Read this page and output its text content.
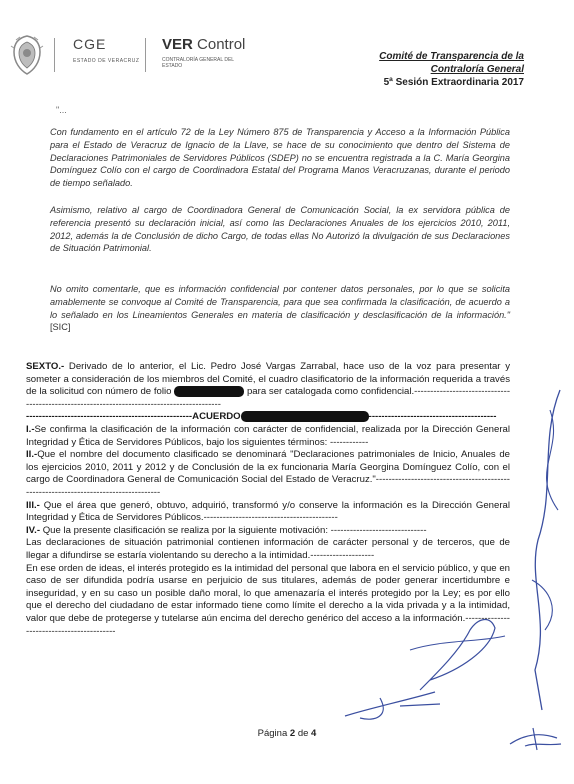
CGE
ESTADO DE VERACRUZ
VER Control
CONTRALORÍA GENERAL DEL ESTADO
Comité de Transparencia de la
Contraloría General
5ª Sesión Extraordinaria 2017
"...
Con fundamento en el artículo 72 de la Ley Número 875 de Transparencia y Acceso a la Información Pública para el Estado de Veracruz de Ignacio de la Llave, se hace de su conocimiento que dentro del Sistema de Declaraciones Patrimoniales de Servidores Públicos (SDEP) no se encuentra registrada a la C. María Georgina Domínguez Colío con el cargo de Coordinadora Estatal del Programa Manos Veracruzanas, durante el periodo de tiempo señalado.
Asimismo, relativo al cargo de Coordinadora General de Comunicación Social, la ex servidora pública de referencia presentó su declaración inicial, así como las Declaraciones Anuales de los ejercicios 2010, 2011, 2012, además la de Conclusión de dicho Cargo, de todas ellas No Autorizó la divulgación de sus Declaraciones de Situación Patrimonial.
No omito comentarle, que es información confidencial por contener datos personales, por lo que se solicita amablemente se convoque al Comité de Transparencia, para que sea confirmada la clasificación, de acuerdo a lo señalado en los Lineamientos Generales en materia de clasificación y desclasificación de la información." [SIC]

SEXTO.- Derivado de lo anterior, el Lic. Pedro José Vargas Zarrabal, hace uso de la voz para presentar y someter a consideración de los miembros del Comité, el cuadro clasificatorio de la información requerida a través de la solicitud con número de folio	para ser catalogada como confidencial.-------------------------------------------------------------------------------------------

----------------------------------------------------ACUERDO	----------------------------------------

I.-Se confirma la clasificación de la información con carácter de confidencial, realizada por la Dirección General Integridad y Ética de Servidores Públicos, bajo los siguientes términos: ------------

II.-Que el nombre del documento clasificado se denominará "Declaraciones patrimoniales de Inicio, Anuales de los ejercicios 2010, 2011 y 2012 y de Conclusión de la ex funcionaria María Georgina Domínguez Colío, con el cargo de Coordinadora General de Comunicación Social del Estado de Veracruz."------------------------------------------------------------------------------------

III.- Que el área que generó, obtuvo, adquirió, transformó y/o conserve la información es la Dirección General Integridad y Ética de Servidores Públicos.------------------------------------------

IV.- Que la presente clasificación se realiza por la siguiente motivación: ------------------------------

Las declaraciones de situación patrimonial contienen información de carácter personal y de terceros, que de llegar a difundirse se estaría violentando su derecho a la intimidad.--------------------

En ese orden de ideas, el interés protegido es la intimidad del personal que labora en el servicio público, y que en caso de ser difundida podría usarse en perjuicio de sus titulares, además de poder generar incertidumbre e inseguridad, y en su caso un posible daño moral, lo que amenazaría el interés protegido por la Ley; es por ello que el derecho del ciudadano de estar informado tiene como límite el derecho a la vida privada y a la intimidad, valor que debe de protegerse y tutelarse aún encima del derecho genérico del acceso a la información.------------------------------------------

Página 2 de 4
